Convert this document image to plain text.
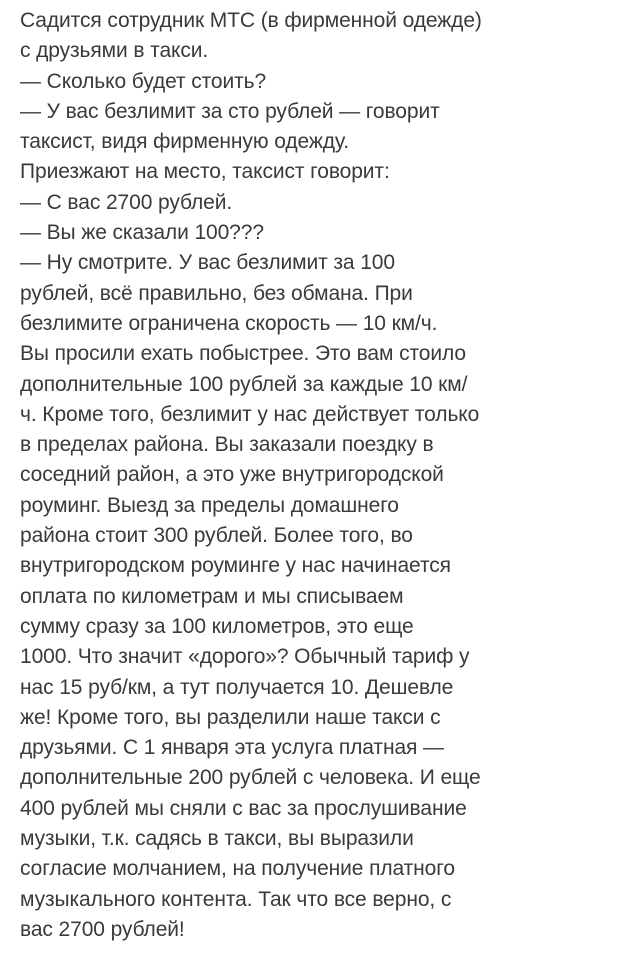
Садится сотрудник МТС (в фирменной одежде)
с друзьями в такси.
— Сколько будет стоить?
— У вас безлимит за сто рублей — говорит
таксист, видя фирменную одежду.
Приезжают на место, таксист говорит:
— С вас 2700 рублей.
— Вы же сказали 100???
— Ну смотрите. У вас безлимит за 100
рублей, всё правильно, без обмана. При
безлимите ограничена скорость — 10 км/ч.
Вы просили ехать побыстрее. Это вам стоило
дополнительные 100 рублей за каждые 10 км/
ч. Кроме того, безлимит у нас действует только
в пределах района. Вы заказали поездку в
соседний район, а это уже внутригородской
роуминг. Выезд за пределы домашнего
района стоит 300 рублей. Более того, во
внутригородском роуминге у нас начинается
оплата по километрам и мы списываем
сумму сразу за 100 километров, это еще
1000. Что значит «дорого»? Обычный тариф у
нас 15 руб/км, а тут получается 10. Дешевле
же! Кроме того, вы разделили наше такси с
друзьями. С 1 января эта услуга платная —
дополнительные 200 рублей с человека. И еще
400 рублей мы сняли с вас за прослушивание
музыки, т.к. садясь в такси, вы выразили
согласие молчанием, на получение платного
музыкального контента. Так что все верно, с
вас 2700 рублей!
